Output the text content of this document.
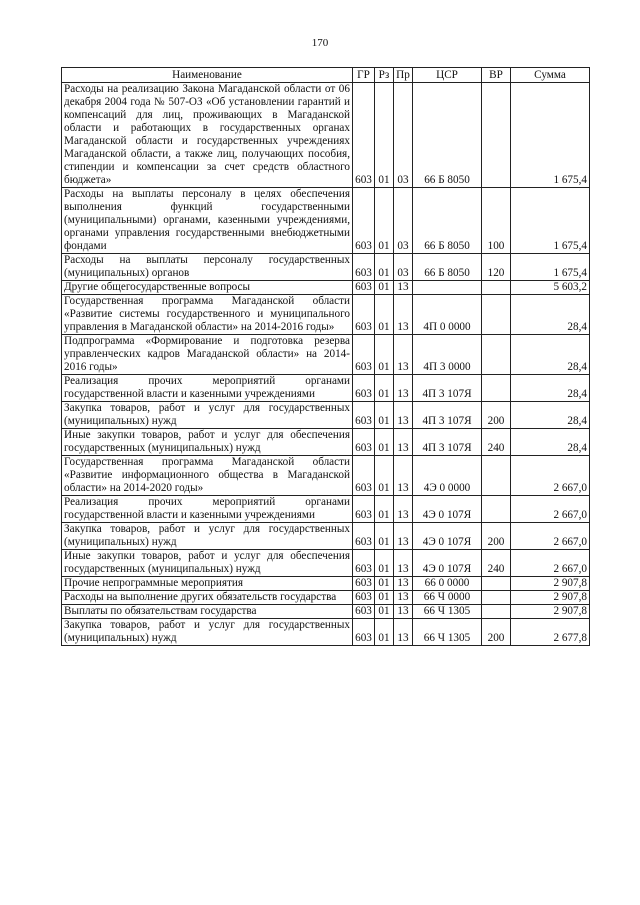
170
Наименование	ГР	Рз	Пр	ЦСР	ВР	Сумма
Расходы на реализацию Закона Магаданской области от 06 декабря 2004 года № 507-ОЗ «Об установлении гарантий и компенсаций для лиц, проживающих в Магаданской области и работающих в государственных органах Магаданской области и государственных учреждениях Магаданской области, а также лиц, получающих пособия, стипендии и компенсации за счет средств областного бюджета»	603	01	03	66 Б 8050		1 675,4
Расходы на выплаты персоналу в целях обеспечения выполнения функций государственными (муниципальными) органами, казенными учреждениями, органами управления государственными внебюджетными фондами	603	01	03	66 Б 8050	100	1 675,4
Расходы на выплаты персоналу государственных (муниципальных) органов	603	01	03	66 Б 8050	120	1 675,4
Другие общегосударственные вопросы	603	01	13			5 603,2
Государственная программа Магаданской области «Развитие системы государственного и муниципального управления в Магаданской области» на 2014-2016 годы»	603	01	13	4П 0 0000		28,4
Подпрограмма «Формирование и подготовка резерва управленческих кадров Магаданской области» на 2014-2016 годы»	603	01	13	4П 3 0000		28,4
Реализация прочих мероприятий органами государственной власти и казенными учреждениями	603	01	13	4П 3 107Я		28,4
Закупка товаров, работ и услуг для государственных (муниципальных) нужд	603	01	13	4П 3 107Я	200	28,4
Иные закупки товаров, работ и услуг для обеспечения государственных (муниципальных) нужд	603	01	13	4П 3 107Я	240	28,4
Государственная программа Магаданской области «Развитие информационного общества в Магаданской области» на 2014-2020 годы»	603	01	13	4Э 0 0000		2 667,0
Реализация прочих мероприятий органами государственной власти и казенными учреждениями	603	01	13	4Э 0 107Я		2 667,0
Закупка товаров, работ и услуг для государственных (муниципальных) нужд	603	01	13	4Э 0 107Я	200	2 667,0
Иные закупки товаров, работ и услуг для обеспечения государственных (муниципальных) нужд	603	01	13	4Э 0 107Я	240	2 667,0
Прочие непрограммные мероприятия	603	01	13	66 0 0000		2 907,8
Расходы на выполнение других обязательств государства	603	01	13	66 Ч 0000		2 907,8
Выплаты по обязательствам государства	603	01	13	66 Ч 1305		2 907,8
Закупка товаров, работ и услуг для государственных (муниципальных) нужд	603	01	13	66 Ч 1305	200	2 677,8
